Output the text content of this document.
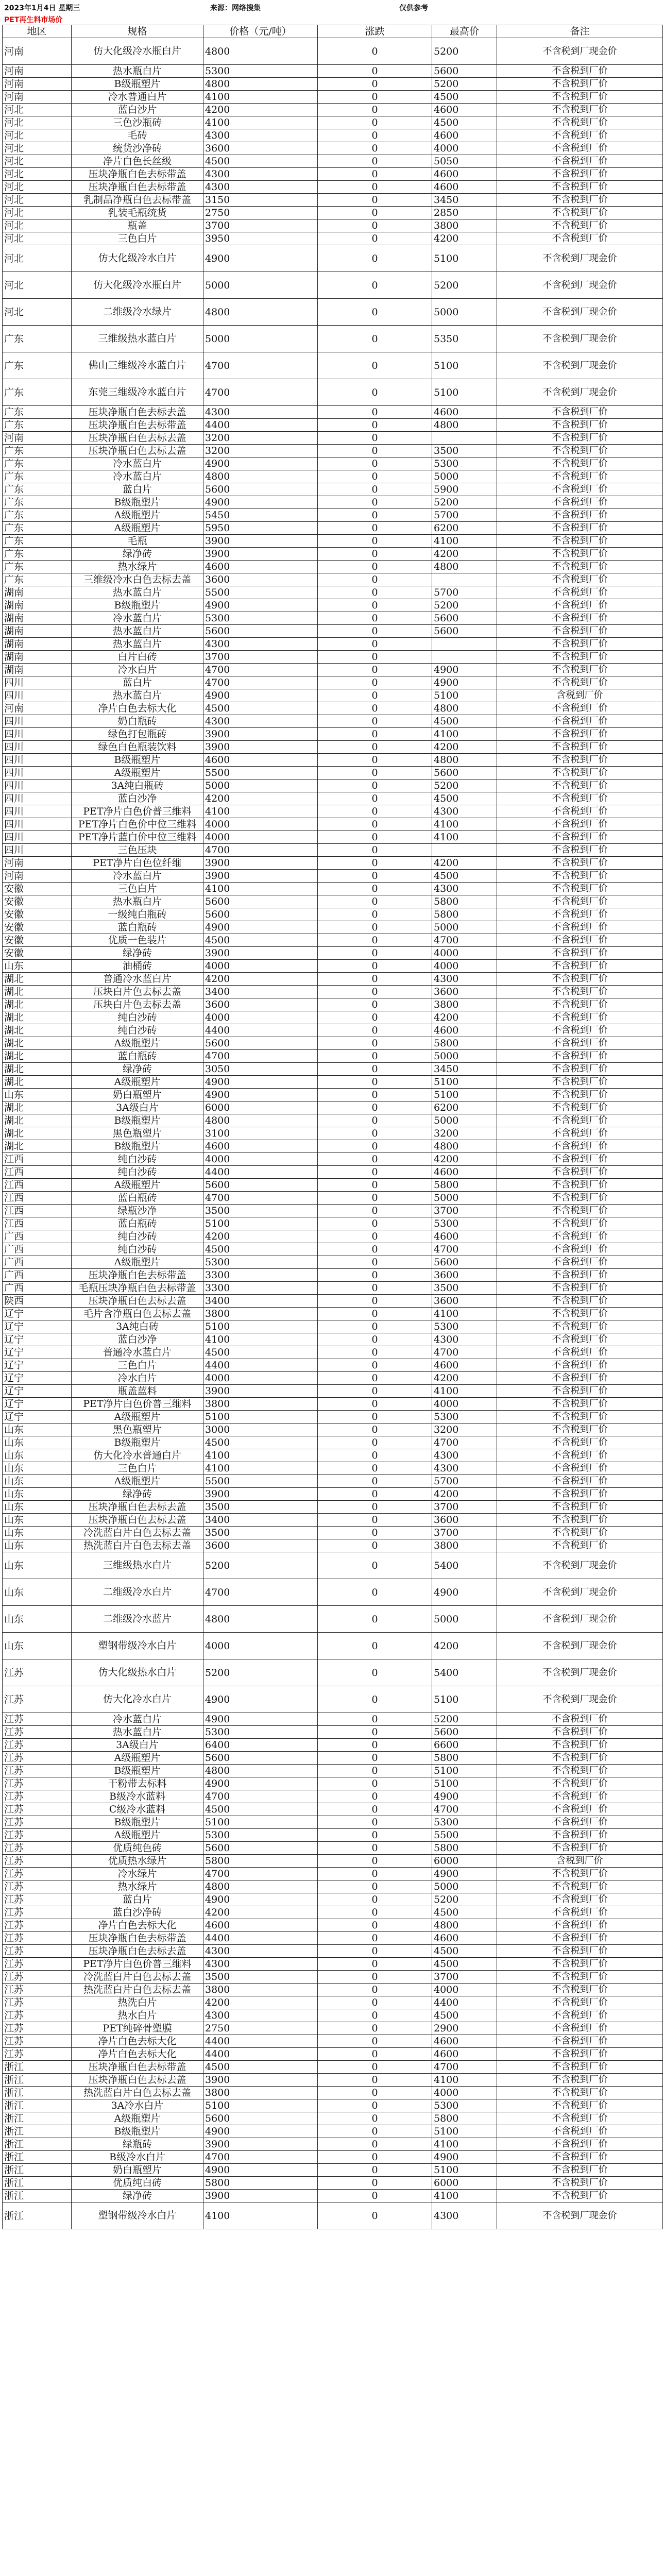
2023年1月4日 星期三	来源：网络搜集	仅供参考
PET再生料市场价
地区	规格	价格（元/吨）	涨跌	最高价	备注
河南	仿大化级冷水瓶白片	4800	0	5200	不含税到厂现金价
河南	热水瓶白片	5300	0	5600	不含税到厂价
河南	B级瓶塑片	4800	0	5200	不含税到厂价
河南	冷水普通白片	4100	0	4500	不含税到厂价
河北	蓝白沙片	4200	0	4600	不含税到厂价
河北	三色沙瓶砖	4100	0	4500	不含税到厂价
河北	毛砖	4300	0	4600	不含税到厂价
河北	统货沙净砖	3600	0	4000	不含税到厂价
河北	净片白色长丝级	4500	0	5050	不含税到厂价
河北	压块净瓶白色去标带盖	4300	0	4600	不含税到厂价
河北	压块净瓶白色去标带盖	4300	0	4600	不含税到厂价
河北	乳制品净瓶白色去标带盖	3150	0	3450	不含税到厂价
河北	乳装毛瓶统货	2750	0	2850	不含税到厂价
河北	瓶盖	3700	0	3800	不含税到厂价
河北	三色白片	3950	0	4200	不含税到厂价
河北	仿大化级冷水白片	4900	0	5100	不含税到厂现金价
河北	仿大化级冷水瓶白片	5000	0	5200	不含税到厂现金价
河北	二维级冷水绿片	4800	0	5000	不含税到厂现金价
广东	三维级热水蓝白片	5000	0	5350	不含税到厂现金价
广东	佛山三维级冷水蓝白片	4700	0	5100	不含税到厂现金价
广东	东莞三维级冷水蓝白片	4700	0	5100	不含税到厂现金价
广东	压块净瓶白色去标去盖	4300	0	4600	不含税到厂价
广东	压块净瓶白色去标带盖	4400	0	4800	不含税到厂价
河南	压块净瓶白色去标去盖	3200	0		不含税到厂价
广东	压块净瓶白色去标去盖	3200	0	3500	不含税到厂价
广东	冷水蓝白片	4900	0	5300	不含税到厂价
广东	冷水蓝白片	4800	0	5000	不含税到厂价
广东	蓝白片	5600	0	5900	不含税到厂价
广东	B级瓶塑片	4900	0	5200	不含税到厂价
广东	A级瓶塑片	5450	0	5700	不含税到厂价
广东	A级瓶塑片	5950	0	6200	不含税到厂价
广东	毛瓶	3900	0	4100	不含税到厂价
广东	绿净砖	3900	0	4200	不含税到厂价
广东	热水绿片	4600	0	4800	不含税到厂价
广东	三维级冷水白色去标去盖	3600	0		不含税到厂价
湖南	热水蓝白片	5500	0	5700	不含税到厂价
湖南	B级瓶塑片	4900	0	5200	不含税到厂价
湖南	冷水蓝白片	5300	0	5600	不含税到厂价
湖南	热水蓝白片	5600	0	5600	不含税到厂价
湖南	热水蓝白片	4300	0		不含税到厂价
湖南	白片白砖	3700	0		不含税到厂价
湖南	冷水白片	4700	0	4900	不含税到厂价
四川	蓝白片	4700	0	4900	不含税到厂价
四川	热水蓝白片	4900	0	5100	含税到厂价
河南	净片白色去标大化	4500	0	4800	不含税到厂价
四川	奶白瓶砖	4300	0	4500	不含税到厂价
四川	绿色打包瓶砖	3900	0	4100	不含税到厂价
四川	绿色白色瓶装饮料	3900	0	4200	不含税到厂价
四川	B级瓶塑片	4600	0	4800	不含税到厂价
四川	A级瓶塑片	5500	0	5600	不含税到厂价
四川	3A纯白瓶砖	5000	0	5200	不含税到厂价
四川	蓝白沙净	4200	0	4500	不含税到厂价
四川	PET净片白色价普三维料	4100	0	4300	不含税到厂价
四川	PET净片白色价中位三维料	4000	0	4100	不含税到厂价
四川	PET净片蓝白价中位三维料	4000	0	4100	不含税到厂价
四川	三色压块	4700	0		不含税到厂价
河南	PET净片白色位纤维	3900	0	4200	不含税到厂价
河南	冷水蓝白片	3900	0	4500	不含税到厂价
安徽	三色白片	4100	0	4300	不含税到厂价
安徽	热水瓶白片	5600	0	5800	不含税到厂价
安徽	一级纯白瓶砖	5600	0	5800	不含税到厂价
安徽	蓝白瓶砖	4900	0	5000	不含税到厂价
安徽	优质一色装片	4500	0	4700	不含税到厂价
安徽	绿净砖	3900	0	4000	不含税到厂价
山东	油桶砖	4000	0	4000	不含税到厂价
湖北	普通冷水蓝白片	4200	0	4300	不含税到厂价
湖北	压块白片色去标去盖	3400	0	3600	不含税到厂价
湖北	压块白片色去标去盖	3600	0	3800	不含税到厂价
湖北	纯白沙砖	4000	0	4200	不含税到厂价
湖北	纯白沙砖	4400	0	4600	不含税到厂价
湖北	A级瓶塑片	5600	0	5800	不含税到厂价
湖北	蓝白瓶砖	4700	0	5000	不含税到厂价
湖北	绿净砖	3050	0	3450	不含税到厂价
湖北	A级瓶塑片	4900	0	5100	不含税到厂价
山东	奶白瓶塑片	4900	0	5100	不含税到厂价
湖北	3A级白片	6000	0	6200	不含税到厂价
湖北	B级瓶塑片	4800	0	5000	不含税到厂价
湖北	黑色瓶塑片	3100	0	3200	不含税到厂价
湖北	B级瓶塑片	4600	0	4800	不含税到厂价
江西	纯白沙砖	4000	0	4200	不含税到厂价
江西	纯白沙砖	4400	0	4600	不含税到厂价
江西	A级瓶塑片	5600	0	5800	不含税到厂价
江西	蓝白瓶砖	4700	0	5000	不含税到厂价
江西	绿瓶沙净	3500	0	3700	不含税到厂价
江西	蓝白瓶砖	5100	0	5300	不含税到厂价
广西	纯白沙砖	4200	0	4600	不含税到厂价
广西	纯白沙砖	4500	0	4700	不含税到厂价
广西	A级瓶塑片	5300	0	5600	不含税到厂价
广西	压块净瓶白色去标带盖	3300	0	3600	不含税到厂价
广西	毛瓶压块净瓶白色去标带盖	3300	0	3500	不含税到厂价
陕西	压块净瓶白色去标去盖	3400	0	3600	不含税到厂价
辽宁	毛片含净瓶白色去标去盖	3800	0	4100	不含税到厂价
辽宁	3A纯白砖	5100	0	5300	不含税到厂价
辽宁	蓝白沙净	4100	0	4300	不含税到厂价
辽宁	普通冷水蓝白片	4500	0	4700	不含税到厂价
辽宁	三色白片	4400	0	4600	不含税到厂价
辽宁	冷水白片	4000	0	4200	不含税到厂价
辽宁	瓶盖蓝料	3900	0	4100	不含税到厂价
辽宁	PET净片白色价普三维料	3800	0	4000	不含税到厂价
辽宁	A级瓶塑片	5100	0	5300	不含税到厂价
山东	黑色瓶塑片	3000	0	3200	不含税到厂价
山东	B级瓶塑片	4500	0	4700	不含税到厂价
山东	仿大化冷水普通白片	4100	0	4300	不含税到厂价
山东	三色白片	4100	0	4300	不含税到厂价
山东	A级瓶塑片	5500	0	5700	不含税到厂价
山东	绿净砖	3900	0	4200	不含税到厂价
山东	压块净瓶白色去标去盖	3500	0	3700	不含税到厂价
山东	压块净瓶白色去标去盖	3400	0	3600	不含税到厂价
山东	冷洗蓝白片白色去标去盖	3500	0	3700	不含税到厂价
山东	热洗蓝白片白色去标去盖	3600	0	3800	不含税到厂价
山东	三维级热水白片	5200	0	5400	不含税到厂现金价
山东	二维级冷水白片	4700	0	4900	不含税到厂现金价
山东	二维级冷水蓝片	4800	0	5000	不含税到厂现金价
山东	塑钢带级冷水白片	4000	0	4200	不含税到厂现金价
江苏	仿大化级热水白片	5200	0	5400	不含税到厂现金价
江苏	仿大化冷水白片	4900	0	5100	不含税到厂现金价
江苏	冷水蓝白片	4900	0	5200	不含税到厂价
江苏	热水蓝白片	5300	0	5600	不含税到厂价
江苏	3A级白片	6400	0	6600	不含税到厂价
江苏	A级瓶塑片	5600	0	5800	不含税到厂价
江苏	B级瓶塑片	4800	0	5100	不含税到厂价
江苏	干粉带去标料	4900	0	5100	不含税到厂价
江苏	B级冷水蓝料	4700	0	4900	不含税到厂价
江苏	C级冷水蓝料	4500	0	4700	不含税到厂价
江苏	B级瓶塑片	5100	0	5300	不含税到厂价
江苏	A级瓶塑片	5300	0	5500	不含税到厂价
江苏	优质纯色砖	5600	0	5800	不含税到厂价
江苏	优质热水绿片	5800	0	6000	含税到厂价
江苏	冷水绿片	4700	0	4900	不含税到厂价
江苏	热水绿片	4800	0	5000	不含税到厂价
江苏	蓝白片	4900	0	5200	不含税到厂价
江苏	蓝白沙净砖	4200	0	4500	不含税到厂价
江苏	净片白色去标大化	4600	0	4800	不含税到厂价
江苏	压块净瓶白色去标带盖	4400	0	4600	不含税到厂价
江苏	压块净瓶白色去标去盖	4300	0	4500	不含税到厂价
江苏	PET净片白色价普三维料	4300	0	4500	不含税到厂价
江苏	冷洗蓝白片白色去标去盖	3500	0	3700	不含税到厂价
江苏	热洗蓝白片白色去标去盖	3800	0	4000	不含税到厂价
江苏	热洗白片	4200	0	4400	不含税到厂价
江苏	热水白片	4300	0	4500	不含税到厂价
江苏	PET纯碎骨塑膜	2750	0	2900	不含税到厂价
江苏	净片白色去标大化	4400	0	4600	不含税到厂价
江苏	净片白色去标大化	4400	0	4600	不含税到厂价
浙江	压块净瓶白色去标带盖	4500	0	4700	不含税到厂价
浙江	压块净瓶白色去标去盖	3900	0	4100	不含税到厂价
浙江	热洗蓝白片白色去标去盖	3800	0	4000	不含税到厂价
浙江	3A冷水白片	5100	0	5300	不含税到厂价
浙江	A级瓶塑片	5600	0	5800	不含税到厂价
浙江	B级瓶塑片	4900	0	5100	不含税到厂价
浙江	绿瓶砖	3900	0	4100	不含税到厂价
浙江	B级冷水白片	4700	0	4900	不含税到厂价
浙江	奶白瓶塑片	4900	0	5100	不含税到厂价
浙江	优质纯白砖	5800	0	6000	不含税到厂价
浙江	绿净砖	3900	0	4100	不含税到厂价
浙江	塑钢带级冷水白片	4100	0	4300	不含税到厂现金价
